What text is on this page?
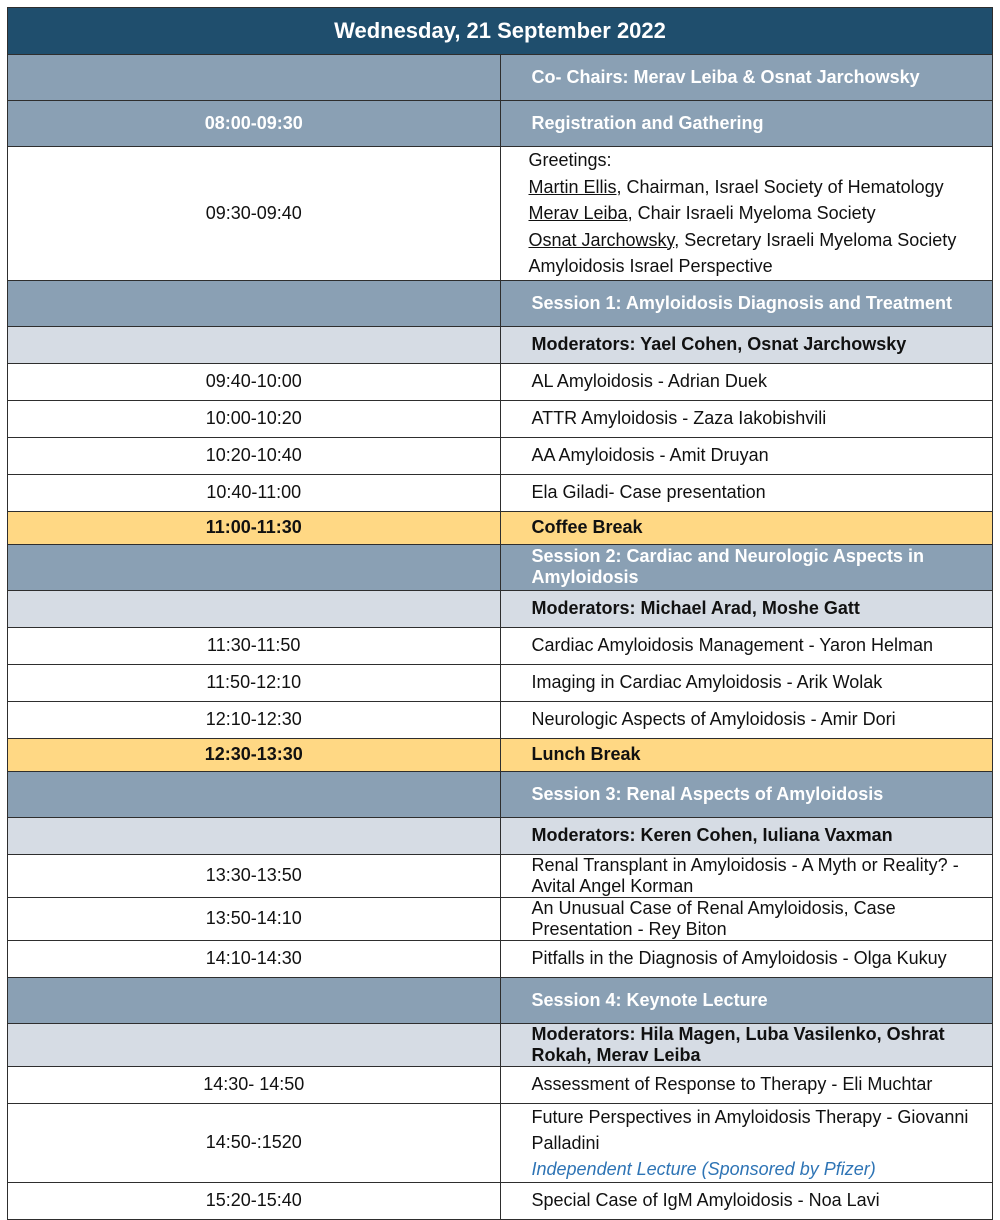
Wednesday, 21 September 2022	
	Co- Chairs: Merav Leiba & Osnat Jarchowsky
08:00-09:30	Registration and Gathering
09:30-09:40	Greetings:
Martin Ellis, Chairman, Israel Society of Hematology
Merav Leiba, Chair Israeli Myeloma Society
Osnat Jarchowsky, Secretary Israeli Myeloma Society
Amyloidosis Israel Perspective

	Session 1: Amyloidosis Diagnosis and Treatment
	Moderators: Yael Cohen, Osnat Jarchowsky
09:40-10:00	AL Amyloidosis - Adrian Duek
10:00-10:20	ATTR Amyloidosis - Zaza Iakobishvili
10:20-10:40	AA Amyloidosis - Amit Druyan
10:40-11:00	Ela Giladi- Case presentation
11:00-11:30	Coffee Break
	Session 2: Cardiac and Neurologic Aspects in Amyloidosis
	Moderators: Michael Arad, Moshe Gatt
11:30-11:50	Cardiac Amyloidosis Management - Yaron Helman
11:50-12:10	Imaging in Cardiac Amyloidosis - Arik Wolak
12:10-12:30	Neurologic Aspects of Amyloidosis - Amir Dori
12:30-13:30	Lunch Break
	Session 3: Renal Aspects of Amyloidosis
	Moderators: Keren Cohen, Iuliana Vaxman
13:30-13:50	Renal Transplant in Amyloidosis - A Myth or Reality? - Avital Angel Korman
13:50-14:10	An Unusual Case of Renal Amyloidosis, Case Presentation - Rey Biton
14:10-14:30	Pitfalls in the Diagnosis of Amyloidosis - Olga Kukuy
	Session 4: Keynote Lecture
	Moderators: Hila Magen, Luba Vasilenko, Oshrat Rokah, Merav Leiba
14:30- 14:50	Assessment of Response to Therapy - Eli Muchtar
14:50-:1520	Future Perspectives in Amyloidosis Therapy - Giovanni Palladini
Independent Lecture (Sponsored by Pfizer)

15:20-15:40	Special Case of IgM Amyloidosis - Noa Lavi
